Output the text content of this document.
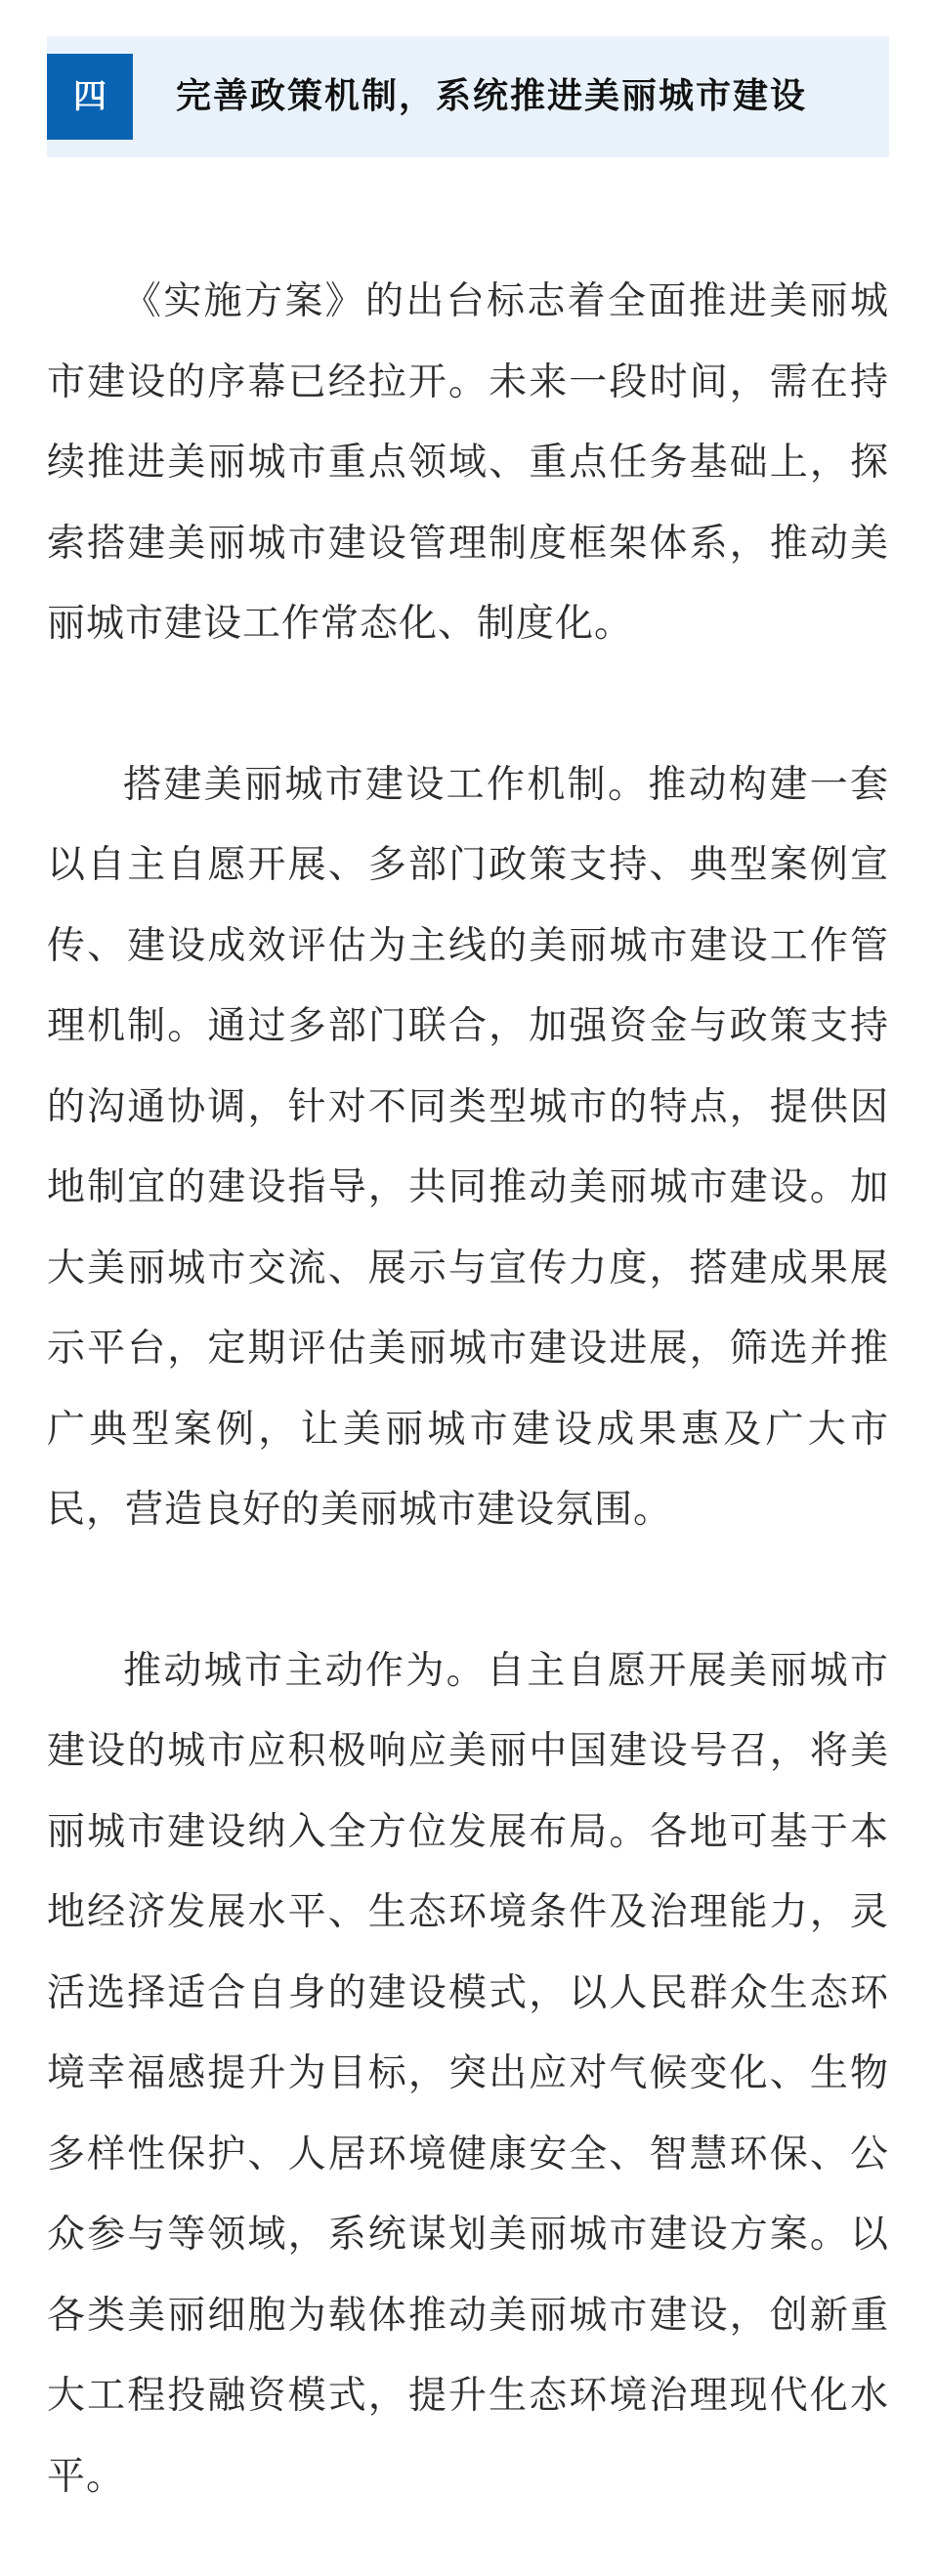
四	完善政策机制，系统推进美丽城市建设

《实施方案》的出台标志着全面推进美丽城市建设的序幕已经拉开。未来一段时间，需在持续推进美丽城市重点领域、重点任务基础上，探索搭建美丽城市建设管理制度框架体系，推动美丽城市建设工作常态化、制度化。

搭建美丽城市建设工作机制。推动构建一套以自主自愿开展、多部门政策支持、典型案例宣传、建设成效评估为主线的美丽城市建设工作管理机制。通过多部门联合，加强资金与政策支持的沟通协调，针对不同类型城市的特点，提供因地制宜的建设指导，共同推动美丽城市建设。加大美丽城市交流、展示与宣传力度，搭建成果展示平台，定期评估美丽城市建设进展，筛选并推广典型案例，让美丽城市建设成果惠及广大市民，营造良好的美丽城市建设氛围。

推动城市主动作为。自主自愿开展美丽城市建设的城市应积极响应美丽中国建设号召，将美丽城市建设纳入全方位发展布局。各地可基于本地经济发展水平、生态环境条件及治理能力，灵活选择适合自身的建设模式，以人民群众生态环境幸福感提升为目标，突出应对气候变化、生物多样性保护、人居环境健康安全、智慧环保、公众参与等领域，系统谋划美丽城市建设方案。以各类美丽细胞为载体推动美丽城市建设，创新重大工程投融资模式，提升生态环境治理现代化水平。
